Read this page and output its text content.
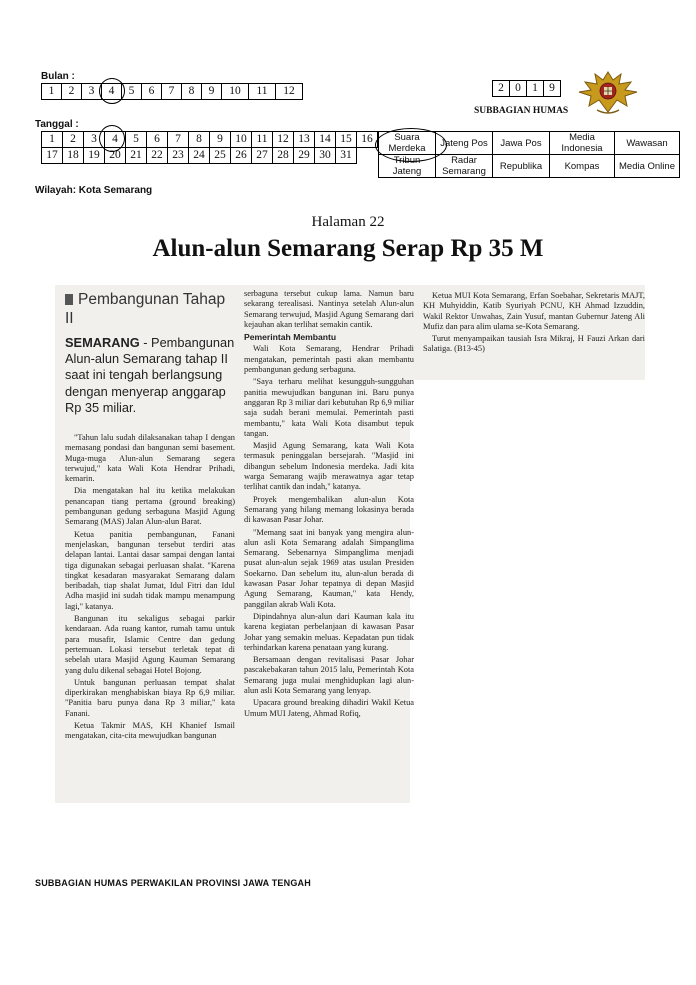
Bulan :
1	2	3	4	5	6	7	8	9	10	11	12
Tanggal :
1	2	3	4	5	6	7	8	9	10	11	12	13	14	15	16
17	18	19	20	21	22	23	24	25	26	27	28	29	30	31	
Wilayah: Kota Semarang
2	0	1	9
SUBBAGIAN HUMAS
Suara Merdeka	Jateng Pos	Jawa Pos	Media Indonesia	Wawasan
Tribun Jateng	Radar Semarang	Republika	Kompas	Media Online
Halaman 22
Alun-alun Semarang Serap Rp 35 M
Pembangunan Tahap II
SEMARANG - Pembangunan Alun-alun Semarang tahap II saat ini tengah berlangsung dengan menyerap anggarap Rp 35 miliar.

"Tahun lalu sudah dilaksanakan tahap I dengan memasang pondasi dan bangunan semi basement. Muga-muga Alun-alun Semarang segera terwujud," kata Wali Kota Hendrar Prihadi, kemarin.

Dia mengatakan hal itu ketika melakukan penancapan tiang pertama (ground breaking) pembangunan gedung serbaguna Masjid Agung Semarang (MAS) Jalan Alun-alun Barat.

Ketua panitia pembangunan, Fanani menjelaskan, bangunan tersebut terdiri atas delapan lantai. Lantai dasar sampai dengan lantai tiga digunakan sebagai perluasan shalat. "Karena tingkat kesadaran masyarakat Semarang dalam beribadah, tiap shalat Jumat, Idul Fitri dan Idul Adha masjid ini sudah tidak mampu menampung lagi," katanya.

Bangunan itu sekaligus sebagai parkir kendaraan. Ada ruang kantor, rumah tamu untuk para musafir, Islamic Centre dan gedung pertemuan. Lokasi tersebut terletak tepat di sebelah utara Masjid Agung Kauman Semarang yang dulu dikenal sebagai Hotel Bojong.

Untuk bangunan perluasan tempat shalat diperkirakan menghabiskan biaya Rp 6,9 miliar. "Panitia baru punya dana Rp 3 miliar," kata Fanani.

Ketua Takmir MAS, KH Khanief Ismail mengatakan, cita-cita mewujudkan bangunan

serbaguna tersebut cukup lama. Namun baru sekarang terealisasi. Nantinya setelah Alun-alun Semarang terwujud, Masjid Agung Semarang dari kejauhan akan terlihat semakin cantik.

Pemerintah Membantu

Wali Kota Semarang, Hendrar Prihadi mengatakan, pemerintah pasti akan membantu pembangunan gedung serbaguna.

"Saya terharu melihat kesungguh-sungguhan panitia mewujudkan bangunan ini. Baru punya anggaran Rp 3 miliar dari kebutuhan Rp 6,9 miliar saja sudah berani memulai. Pemerintah pasti membantu," kata Wali Kota disambut tepuk tangan.

Masjid Agung Semarang, kata Wali Kota termasuk peninggalan bersejarah. "Masjid ini dibangun sebelum Indonesia merdeka. Jadi kita warga Semarang wajib merawatnya agar tetap terlihat cantik dan indah," katanya.

Proyek mengembalikan alun-alun Kota Semarang yang hilang memang lokasinya berada di kawasan Pasar Johar.

"Memang saat ini banyak yang mengira alun-alun asli Kota Semarang adalah Simpanglima Semarang. Sebenarnya Simpanglima menjadi pusat alun-alun sejak 1969 atas usulan Presiden Soekarno. Dan sebelum itu, alun-alun berada di kawasan Pasar Johar tepatnya di depan Masjid Agung Semarang, Kauman," kata Hendy, panggilan akrab Wali Kota.

Dipindahnya alun-alun dari Kauman kala itu karena kegiatan perbelanjaan di kawasan Pasar Johar yang semakin meluas. Kepadatan pun tidak terhindarkan karena penataan yang kurang.

Bersamaan dengan revitalisasi Pasar Johar pascakebakaran tahun 2015 lalu, Pemerintah Kota Semarang juga mulai menghidupkan lagi alun-alun asli Kota Semarang yang lenyap.

Upacara ground breaking dihadiri Wakil Ketua Umum MUI Jateng, Ahmad Rofiq,

Ketua MUI Kota Semarang, Erfan Soebahar, Sekretaris MAJT, KH Muhyiddin, Katib Syuriyah PCNU, KH Ahmad Izzuddin, Wakil Rektor Unwahas, Zain Yusuf, mantan Gubernur Jateng Ali Mufiz dan para alim ulama se-Kota Semarang.

Turut menyampaikan tausiah Isra Mikraj, H Fauzi Arkan dari Salatiga. (B13-45)

SUBBAGIAN HUMAS PERWAKILAN PROVINSI JAWA TENGAH
